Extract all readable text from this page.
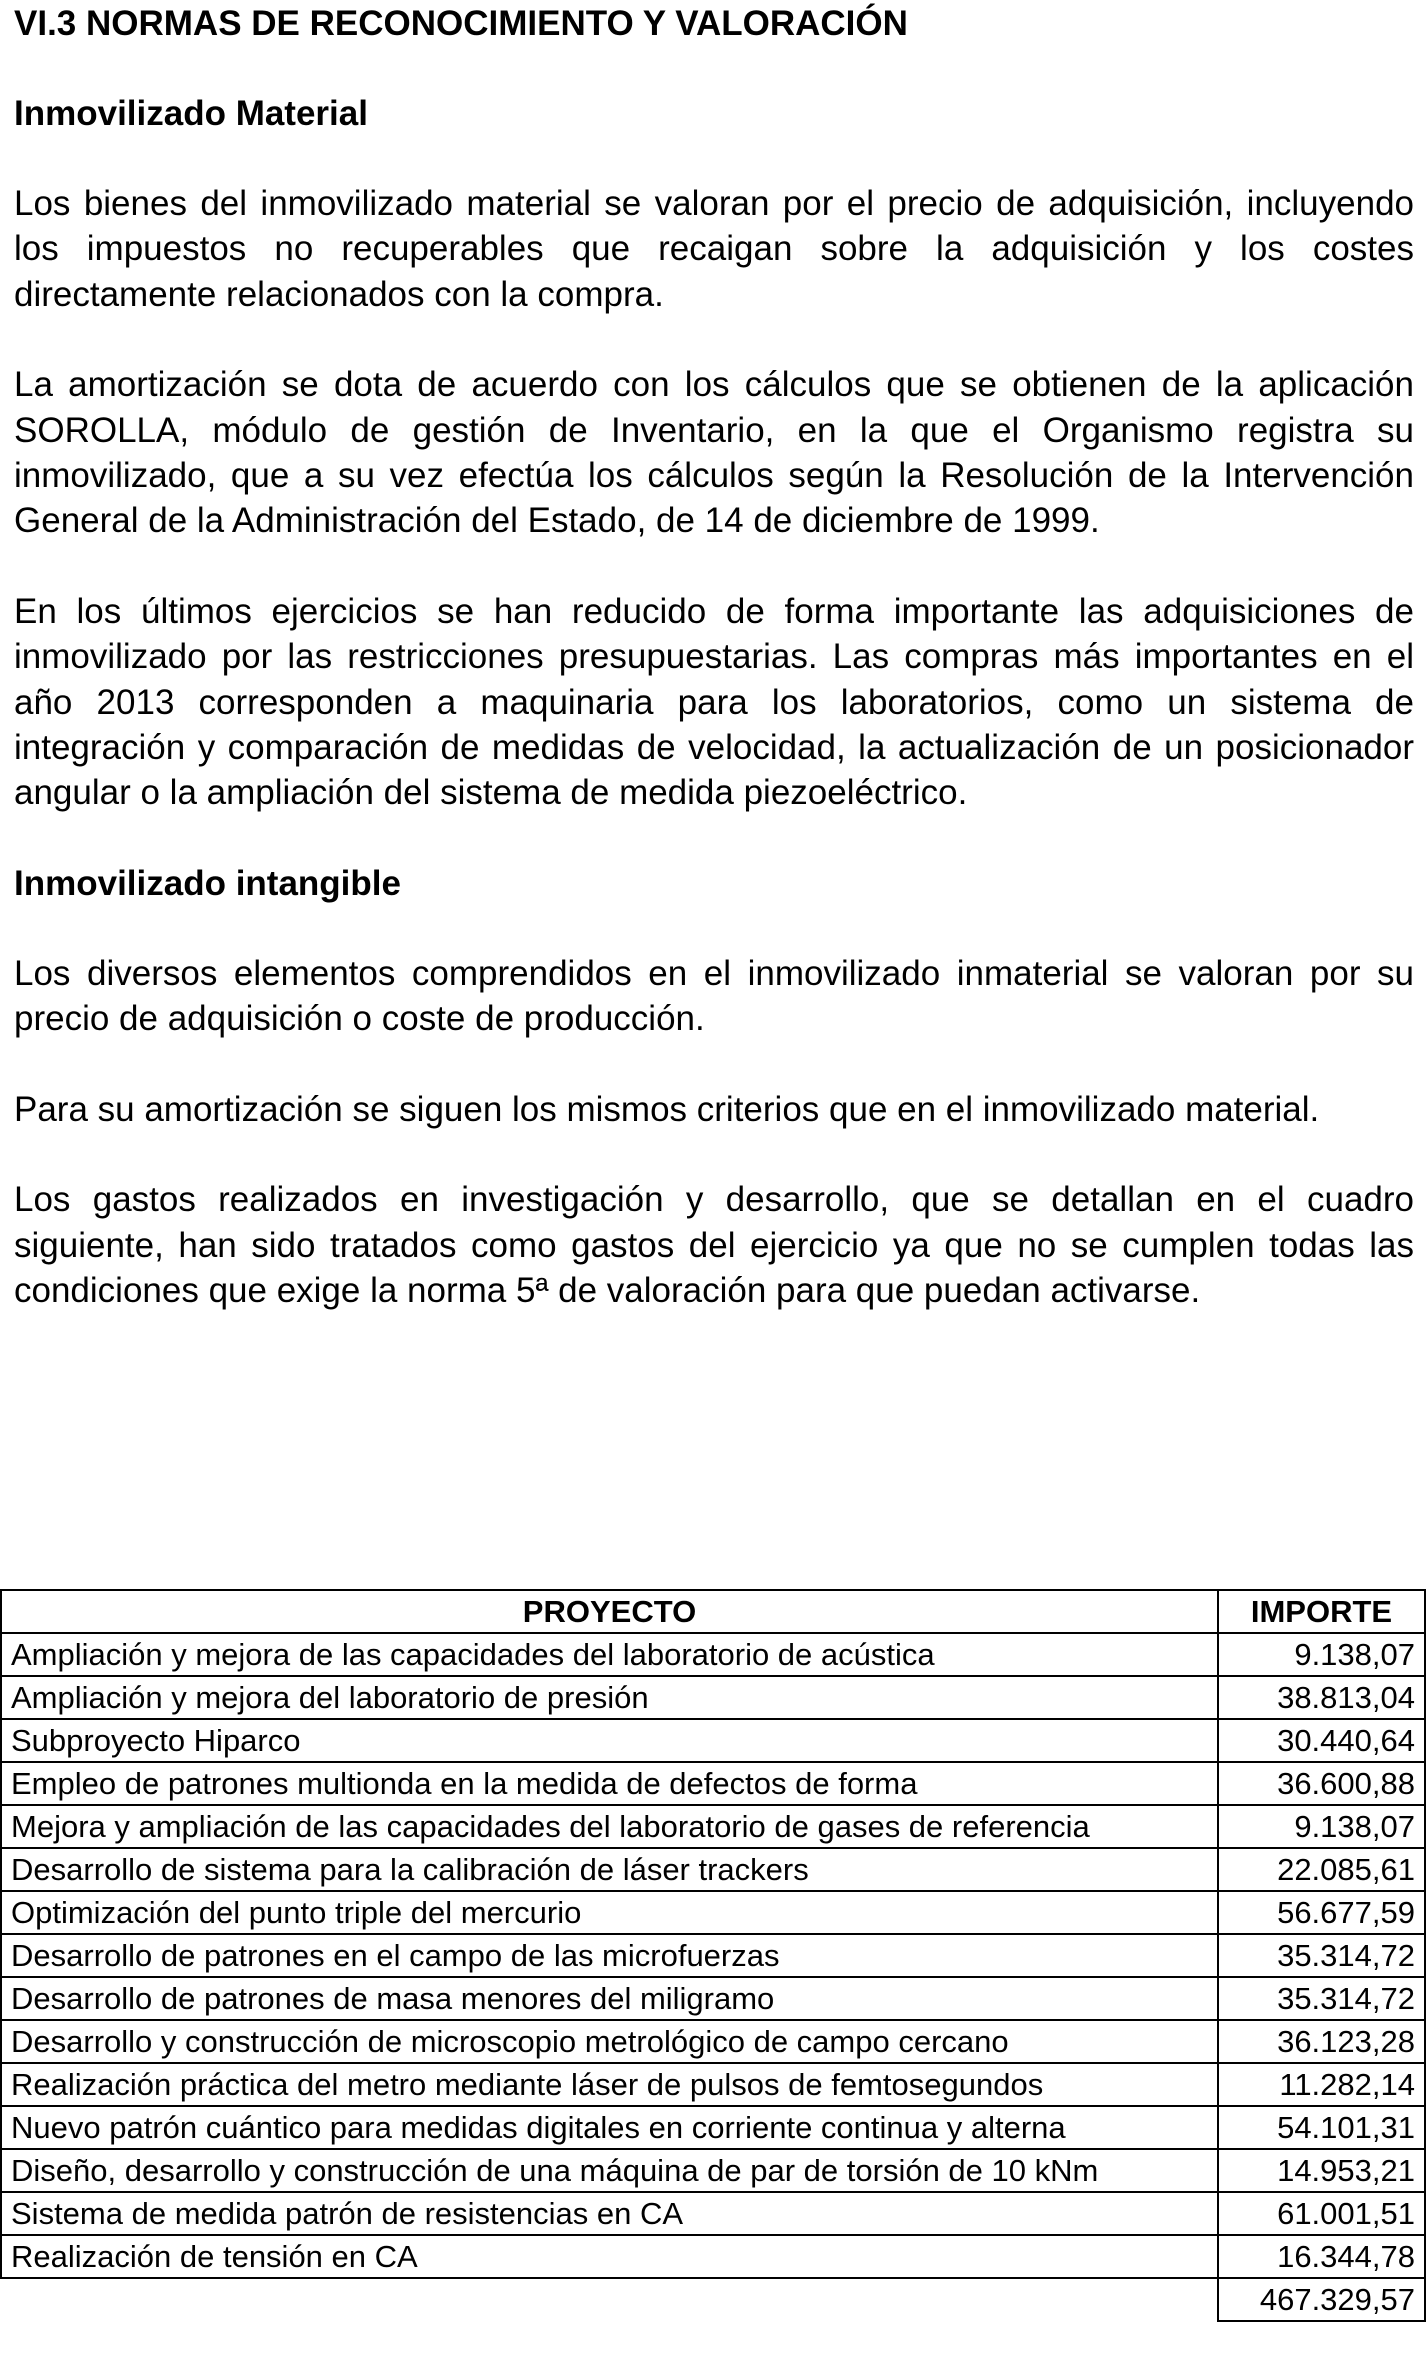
VI.3 NORMAS DE RECONOCIMIENTO Y VALORACIÓN
Inmovilizado Material

Los bienes del inmovilizado material se valoran por el precio de adquisición, incluyendo los impuestos no recuperables que recaigan sobre la adquisición y los costes directamente relacionados con la compra.

La amortización se dota de acuerdo con los cálculos que se obtienen de la aplicación SOROLLA, módulo de gestión de Inventario, en la que el Organismo registra su inmovilizado, que a su vez efectúa los cálculos según la Resolución de la Intervención General de la Administración del Estado, de 14 de diciembre de 1999.

En los últimos ejercicios se han reducido de forma importante las adquisiciones de inmovilizado por las restricciones presupuestarias. Las compras más importantes en el año 2013 corresponden a maquinaria para los laboratorios, como un sistema de integración y comparación de medidas de velocidad, la actualización de un posicionador angular o la ampliación del sistema de medida piezoeléctrico.

Inmovilizado intangible

Los diversos elementos comprendidos en el inmovilizado inmaterial se valoran por su precio de adquisición o coste de producción.

Para su amortización se siguen los mismos criterios que en el inmovilizado material.

Los gastos realizados en investigación y desarrollo, que se detallan en el cuadro siguiente, han sido tratados como gastos del ejercicio ya que no se cumplen todas las condiciones que exige la norma 5ª de valoración para que puedan activarse.

PROYECTO	IMPORTE
Ampliación y mejora de las capacidades del laboratorio de acústica	9.138,07
Ampliación y mejora del laboratorio de presión	38.813,04
Subproyecto Hiparco	30.440,64
Empleo de patrones multionda en la medida de defectos de forma	36.600,88
Mejora y ampliación de las capacidades del laboratorio de gases de referencia	9.138,07
Desarrollo de sistema para la calibración de láser trackers	22.085,61
Optimización del punto triple del mercurio	56.677,59
Desarrollo de patrones en el campo de las microfuerzas	35.314,72
Desarrollo de patrones de masa menores del miligramo	35.314,72
Desarrollo y construcción de microscopio metrológico de campo cercano	36.123,28
Realización práctica del metro mediante láser de pulsos de femtosegundos	11.282,14
Nuevo patrón cuántico para medidas digitales en corriente continua y alterna	54.101,31
Diseño, desarrollo y construcción de una máquina de par de torsión de 10 kNm	14.953,21
Sistema de medida patrón de resistencias en CA	61.001,51
Realización de tensión en CA	16.344,78
	467.329,57
